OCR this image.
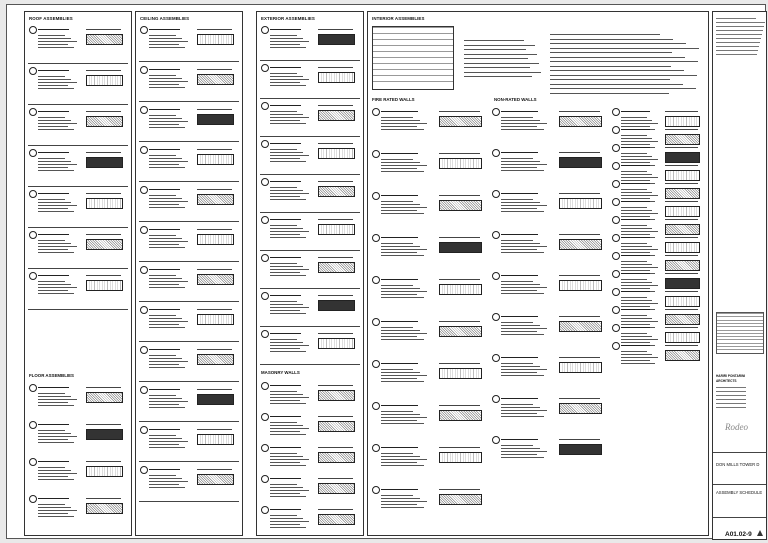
ROOF ASSEMBLIES
FLOOR ASSEMBLIES
CEILING ASSEMBLIES	EXTERIOR ASSEMBLIES
MASONRY WALLS
INTERIOR ASSEMBLIES
FIRE RATED WALLS	NON-RATED WALLS
HARIRI PONTARINI
ARCHITECTS
Rodeo
DON MILLS TOWER D
ASSEMBLY SCHEDULE
A01.02-9
